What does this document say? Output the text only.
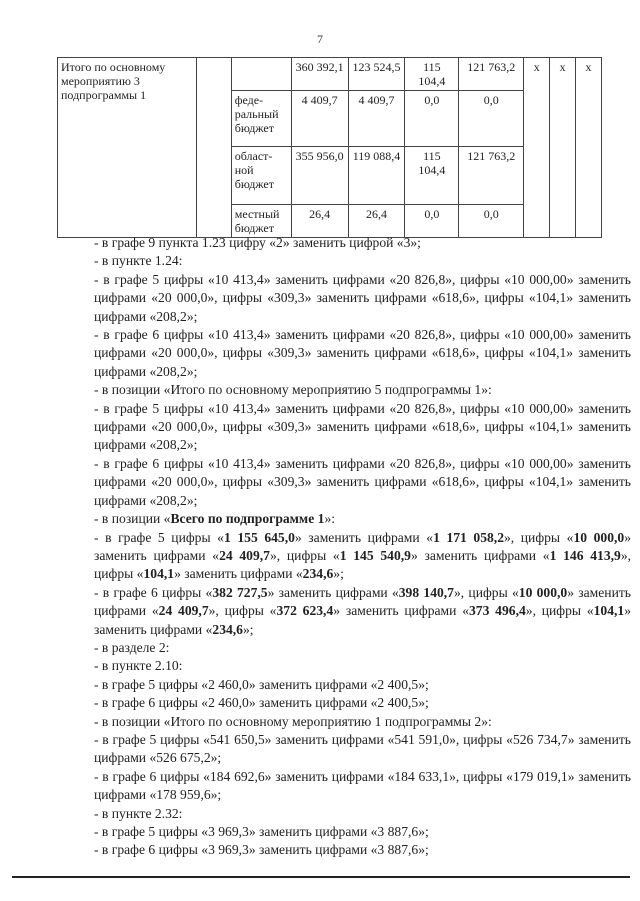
7
Итого по основному мероприятию 3 подпрограммы 1			360 392,1	123 524,5	115 104,4	121 763,2	х	х	х
		феде-ральный бюджет	4 409,7	4 409,7	0,0	0,0			
		област-ной бюджет	355 956,0	119 088,4	115 104,4	121 763,2			
		местный бюджет	26,4	26,4	0,0	0,0			

- в графе 9 пункта 1.23 цифру «2» заменить цифрой «3»;

- в пункте 1.24:

- в графе 5 цифры «10 413,4» заменить цифрами «20 826,8», цифры «10 000,00» заменить цифрами «20 000,0», цифры «309,3» заменить цифрами «618,6», цифры «104,1» заменить цифрами «208,2»;

- в графе 6 цифры «10 413,4» заменить цифрами «20 826,8», цифры «10 000,00» заменить цифрами «20 000,0», цифры «309,3» заменить цифрами «618,6», цифры «104,1» заменить цифрами «208,2»;

- в позиции «Итого по основному мероприятию 5 подпрограммы 1»:

- в графе 5 цифры «10 413,4» заменить цифрами «20 826,8», цифры «10 000,00» заменить цифрами «20 000,0», цифры «309,3» заменить цифрами «618,6», цифры «104,1» заменить цифрами «208,2»;

- в графе 6 цифры «10 413,4» заменить цифрами «20 826,8», цифры «10 000,00» заменить цифрами «20 000,0», цифры «309,3» заменить цифрами «618,6», цифры «104,1» заменить цифрами «208,2»;

- в позиции «Всего по подпрограмме 1»:

- в графе 5 цифры «1 155 645,0» заменить цифрами «1 171 058,2», цифры «10 000,0» заменить цифрами «24 409,7», цифры «1 145 540,9» заменить цифрами «1 146 413,9», цифры «104,1» заменить цифрами «234,6»;

- в графе 6 цифры «382 727,5» заменить цифрами «398 140,7», цифры «10 000,0» заменить цифрами «24 409,7», цифры «372 623,4» заменить цифрами «373 496,4», цифры «104,1» заменить цифрами «234,6»;

- в разделе 2:

- в пункте 2.10:

- в графе 5 цифры «2 460,0» заменить цифрами «2 400,5»;

- в графе 6 цифры «2 460,0» заменить цифрами «2 400,5»;

- в позиции «Итого по основному мероприятию 1 подпрограммы 2»:

- в графе 5 цифры «541 650,5» заменить цифрами «541 591,0», цифры «526 734,7» заменить цифрами «526 675,2»;

- в графе 6 цифры «184 692,6» заменить цифрами «184 633,1», цифры «179 019,1» заменить цифрами «178 959,6»;

- в пункте 2.32:

- в графе 5 цифры «3 969,3» заменить цифрами «3 887,6»;

- в графе 6 цифры «3 969,3» заменить цифрами «3 887,6»;
